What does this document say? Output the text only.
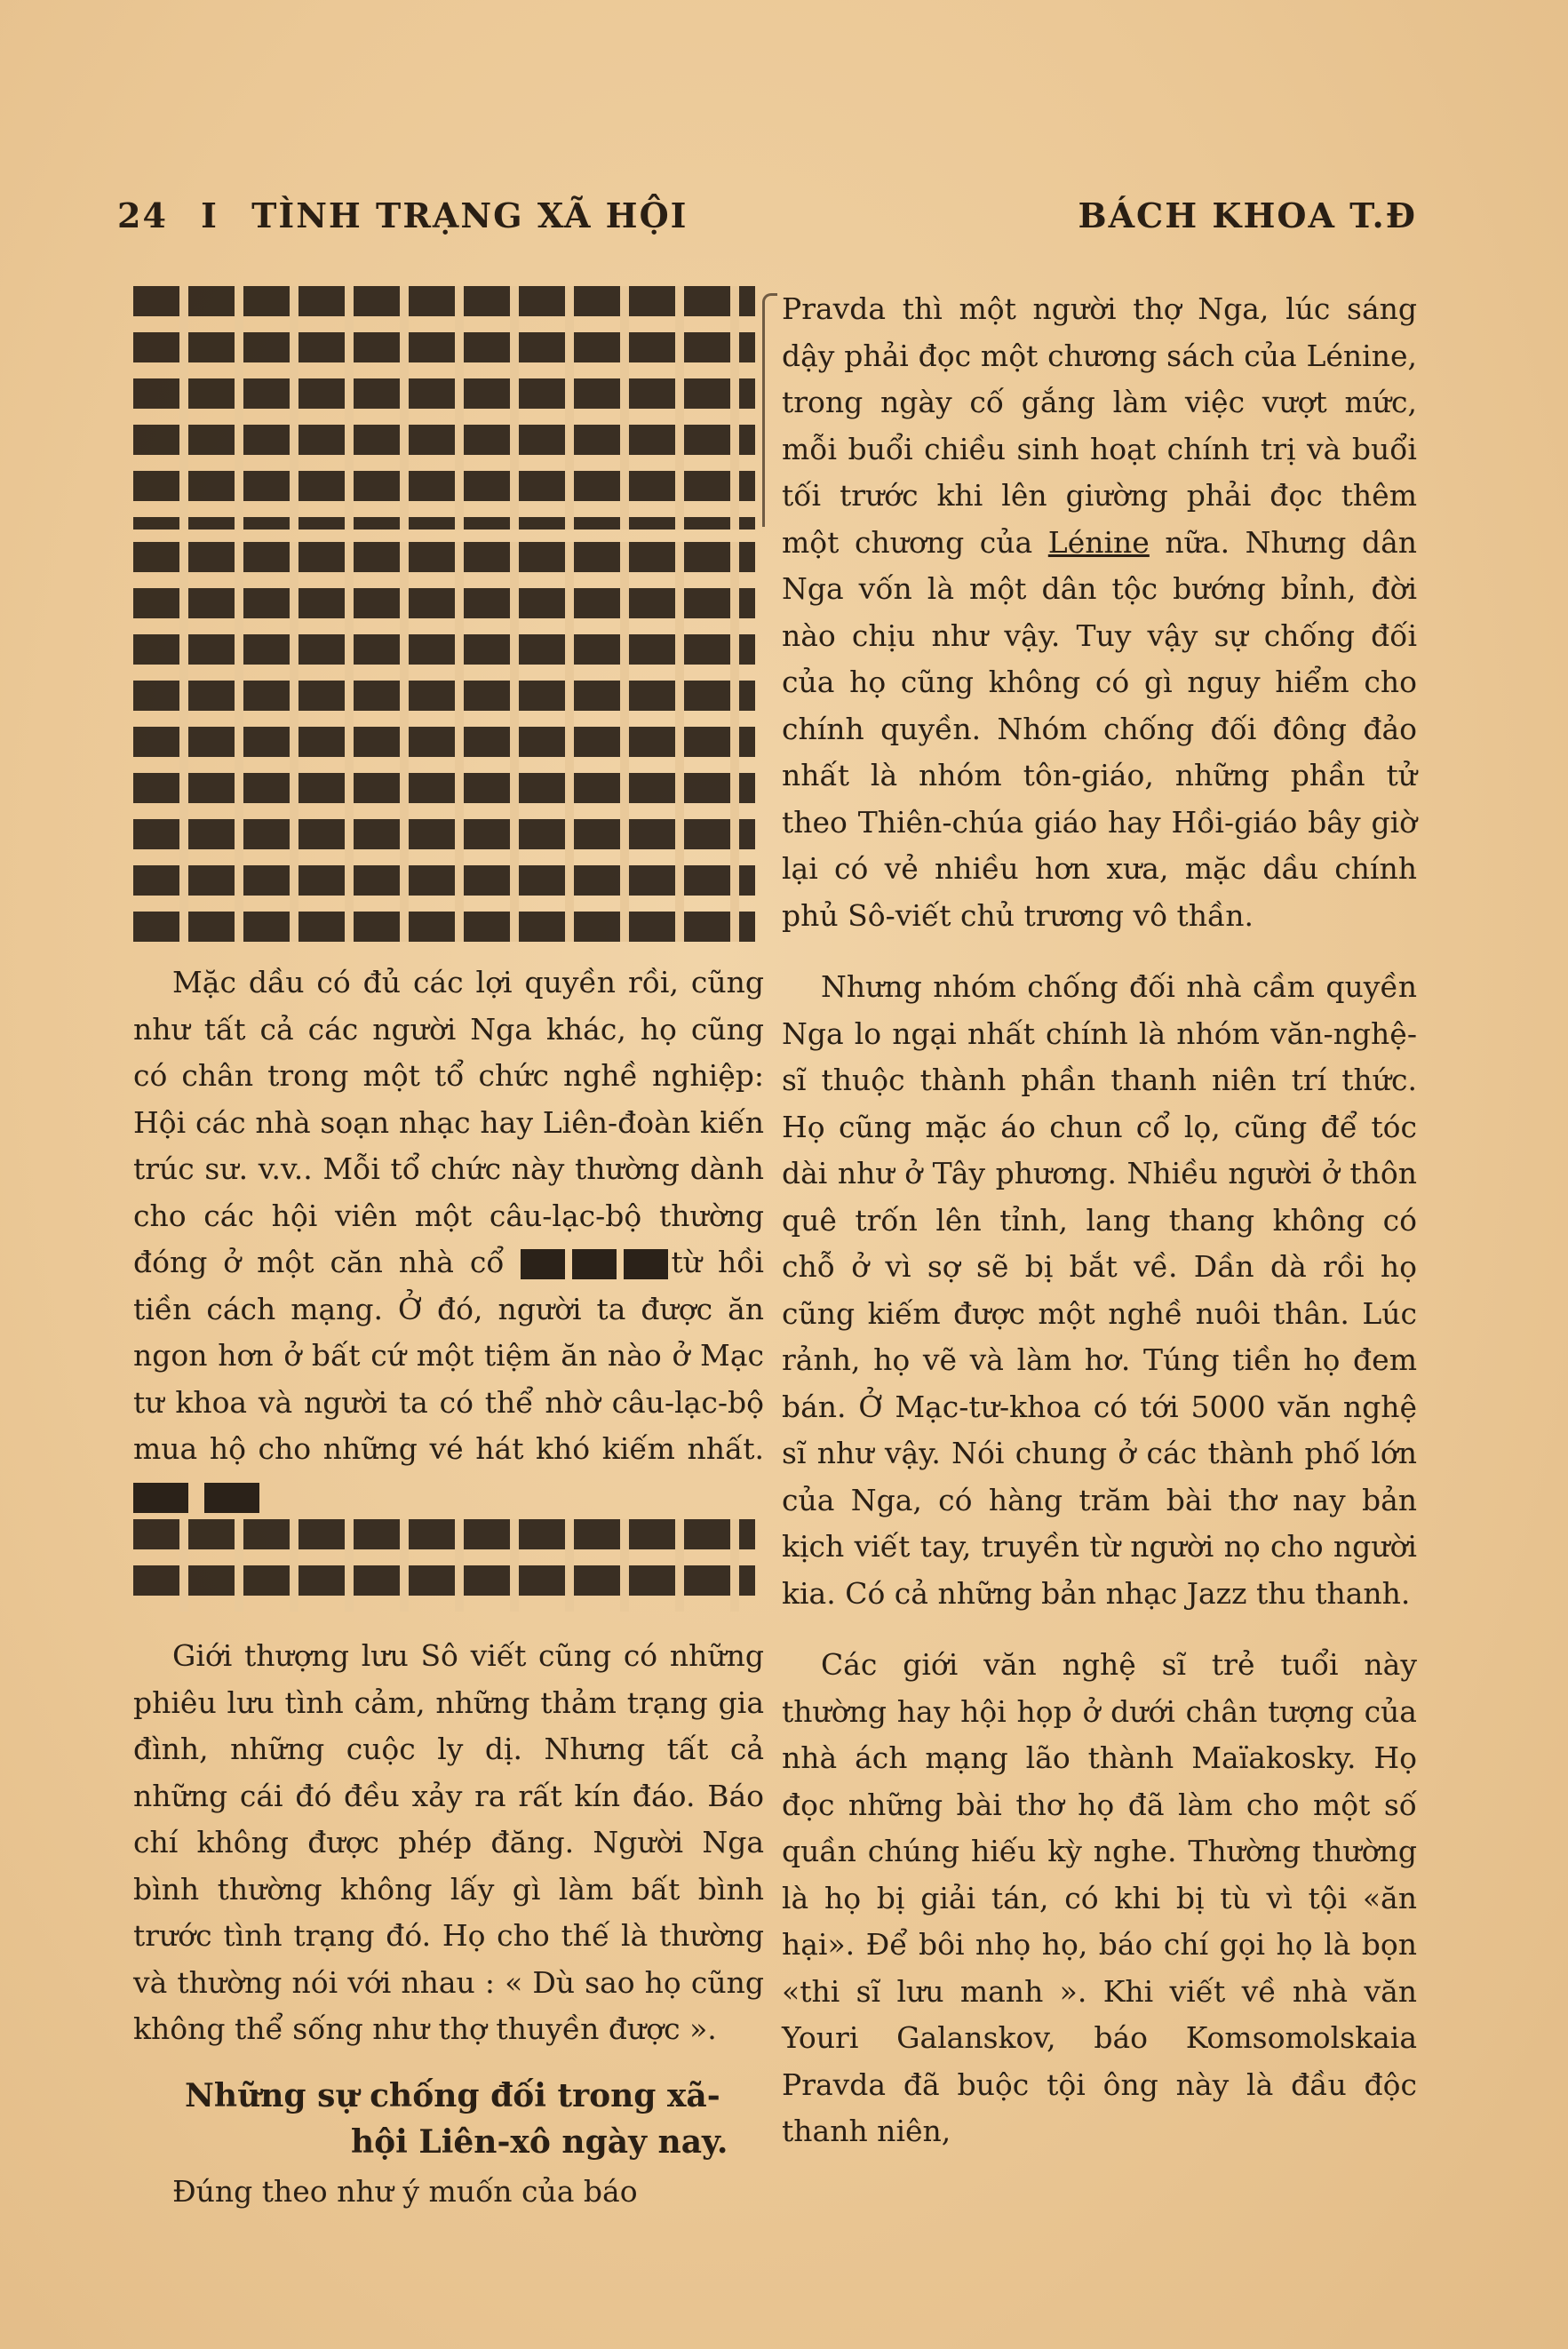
24 I TÌNH TRẠNG XÃ HỘI	BÁCH KHOA T.Đ

Mặc dầu có đủ các lợi quyền rồi, cũng như tất cả các người Nga khác, họ cũng có chân trong một tổ chức nghề nghiệp: Hội các nhà soạn nhạc hay Liên-đoàn kiến trúc sư. v.v.. Mỗi tổ chức này thường dành cho các hội viên một câu-lạc-bộ thường đóng ở một căn nhà cổ	từ hồi tiền cách mạng. Ở đó, người ta được ăn ngon hơn ở bất cứ một tiệm ăn nào ở Mạc tư khoa và người ta có thể nhờ câu-lạc-bộ mua hộ cho những vé hát khó kiếm nhất.

Giới thượng lưu Sô viết cũng có những phiêu lưu tình cảm, những thảm trạng gia đình, những cuộc ly dị. Nhưng tất cả những cái đó đều xảy ra rất kín đáo. Báo chí không được phép đăng. Người Nga bình thường không lấy gì làm bất bình trước tình trạng đó. Họ cho thế là thường và thường nói với nhau : « Dù sao họ cũng không thể sống như thợ thuyền được ».

Những sự chống đối trong xã-
hội Liên-xô ngày nay.

Đúng theo như ý muốn của báo

Pravda thì một người thợ Nga, lúc sáng dậy phải đọc một chương sách của Lénine, trong ngày cố gắng làm việc vượt mức, mỗi buổi chiều sinh hoạt chính trị và buổi tối trước khi lên giường phải đọc thêm một chương của Lénine nữa. Nhưng dân Nga vốn là một dân tộc bướng bỉnh, đời nào chịu như vậy. Tuy vậy sự chống đối của họ cũng không có gì nguy hiểm cho chính quyền. Nhóm chống đối đông đảo nhất là nhóm tôn-giáo, những phần tử theo Thiên-chúa giáo hay Hồi-giáo bây giờ lại có vẻ nhiều hơn xưa, mặc dầu chính phủ Sô-viết chủ trương vô thần.

Nhưng nhóm chống đối nhà cầm quyền Nga lo ngại nhất chính là nhóm văn-nghệ-sĩ thuộc thành phần thanh niên trí thức. Họ cũng mặc áo chun cổ lọ, cũng để tóc dài như ở Tây phương. Nhiều người ở thôn quê trốn lên tỉnh, lang thang không có chỗ ở vì sợ sẽ bị bắt về. Dần dà rồi họ cũng kiếm được một nghề nuôi thân. Lúc rảnh, họ vẽ và làm hơ. Túng tiền họ đem bán. Ở Mạc-tư-khoa có tới 5000 văn nghệ sĩ như vậy. Nói chung ở các thành phố lớn của Nga, có hàng trăm bài thơ nay bản kịch viết tay, truyền từ người nọ cho người kia. Có cả những bản nhạc Jazz thu thanh.

Các giới văn nghệ sĩ trẻ tuổi này thường hay hội họp ở dưới chân tượng của nhà ách mạng lão thành Maïakosky. Họ đọc những bài thơ họ đã làm cho một số quần chúng hiếu kỳ nghe. Thường thường là họ bị giải tán, có khi bị tù vì tội «ăn hại». Để bôi nhọ họ, báo chí gọi họ là bọn «thi sĩ lưu manh ». Khi viết về nhà văn Youri Galanskov, báo Komsomolskaia Pravda đã buộc tội ông này là đầu độc thanh niên,
